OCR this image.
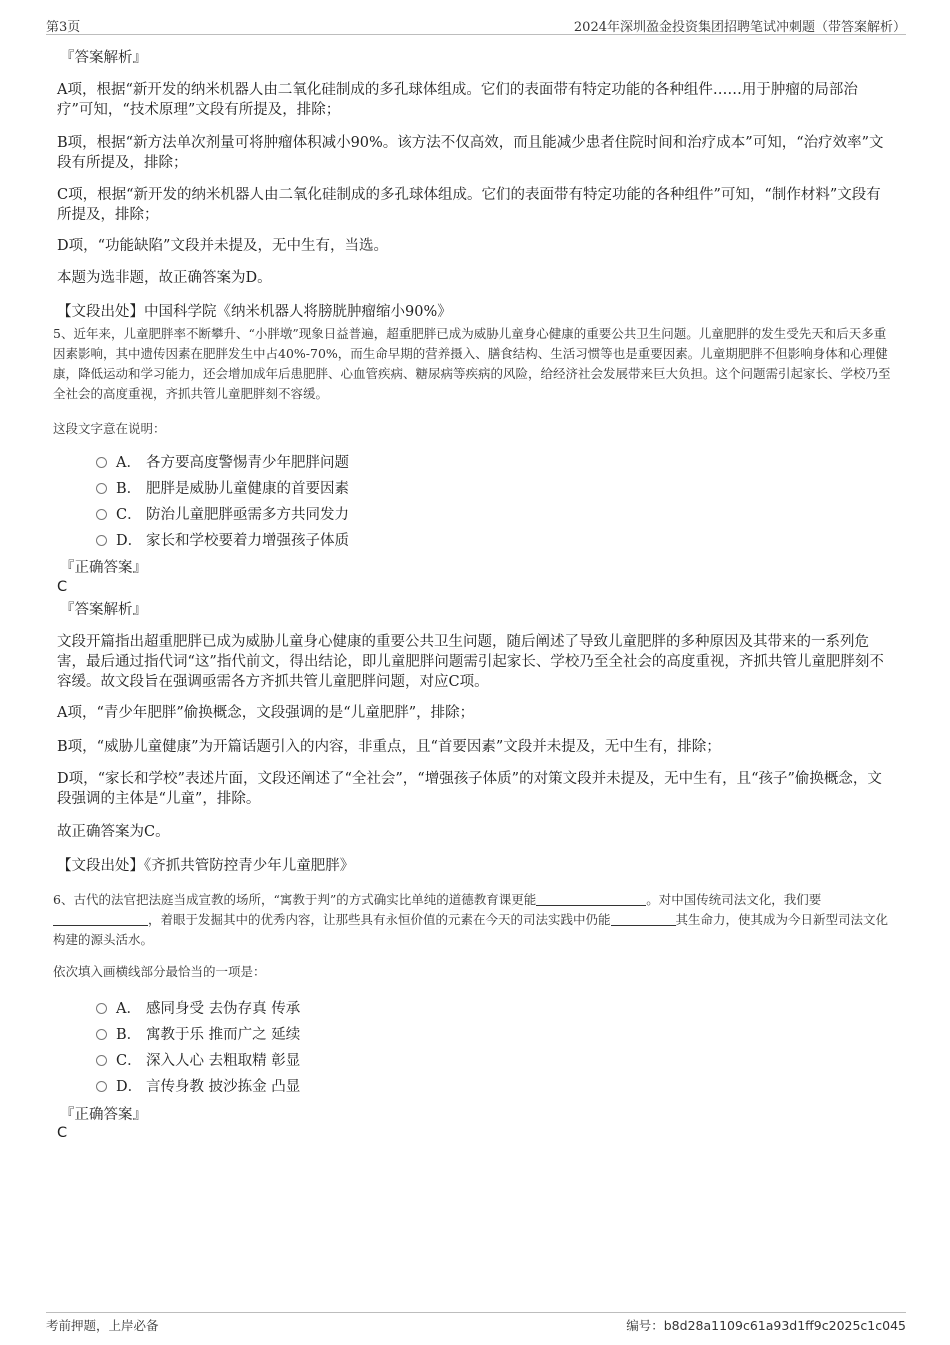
第3页	2024年深圳盈金投资集团招聘笔试冲刺题（带答案解析）
『答案解析』
A项，根据“新开发的纳米机器人由二氧化硅制成的多孔球体组成。它们的表面带有特定功能的各种组件……用于肿瘤的局部治疗”可知，“技术原理”文段有所提及，排除；
B项，根据“新方法单次剂量可将肿瘤体积减小90%。该方法不仅高效，而且能减少患者住院时间和治疗成本”可知，“治疗效率”文段有所提及，排除；
C项，根据“新开发的纳米机器人由二氧化硅制成的多孔球体组成。它们的表面带有特定功能的各种组件”可知，“制作材料”文段有所提及，排除；
D项，“功能缺陷”文段并未提及，无中生有，当选。
本题为选非题，故正确答案为D。
【文段出处】中国科学院《纳米机器人将膀胱肿瘤缩小90%》
5、近年来，儿童肥胖率不断攀升、“小胖墩”现象日益普遍，超重肥胖已成为威胁儿童身心健康的重要公共卫生问题。儿童肥胖的发生受先天和后天多重因素影响，其中遗传因素在肥胖发生中占40%-70%，而生命早期的营养摄入、膳食结构、生活习惯等也是重要因素。儿童期肥胖不但影响身体和心理健康，降低运动和学习能力，还会增加成年后患肥胖、心血管疾病、糖尿病等疾病的风险，给经济社会发展带来巨大负担。这个问题需引起家长、学校乃至全社会的高度重视，齐抓共管儿童肥胖刻不容缓。
这段文字意在说明：
A． 各方要高度警惕青少年肥胖问题
B． 肥胖是威胁儿童健康的首要因素
C． 防治儿童肥胖亟需多方共同发力
D． 家长和学校要着力增强孩子体质
『正确答案』
C
『答案解析』
文段开篇指出超重肥胖已成为威胁儿童身心健康的重要公共卫生问题，随后阐述了导致儿童肥胖的多种原因及其带来的一系列危害，最后通过指代词“这”指代前文，得出结论，即儿童肥胖问题需引起家长、学校乃至全社会的高度重视，齐抓共管儿童肥胖刻不容缓。故文段旨在强调亟需各方齐抓共管儿童肥胖问题，对应C项。
A项，“青少年肥胖”偷换概念，文段强调的是“儿童肥胖”，排除；
B项，“威胁儿童健康”为开篇话题引入的内容，非重点，且“首要因素”文段并未提及，无中生有，排除；
D项，“家长和学校”表述片面，文段还阐述了“全社会”，“增强孩子体质”的对策文段并未提及，无中生有，且“孩子”偷换概念，文段强调的主体是“儿童”，排除。
故正确答案为C。
【文段出处】《齐抓共管防控青少年儿童肥胖》
6、古代的法官把法庭当成宣教的场所，“寓教于判”的方式确实比单纯的道德教育课更能	。对中国传统司法文化，我们要，着眼于发掘其中的优秀内容，让那些具有永恒价值的元素在今天的司法实践中仍能	其生命力，使其成为今日新型司法文化构建的源头活水。
依次填入画横线部分最恰当的一项是：
A． 感同身受 去伪存真 传承
B． 寓教于乐 推而广之 延续
C． 深入人心 去粗取精 彰显
D． 言传身教 披沙拣金 凸显
『正确答案』
C
考前押题，上岸必备	编号：b8d28a1109c61a93d1ff9c2025c1c045
